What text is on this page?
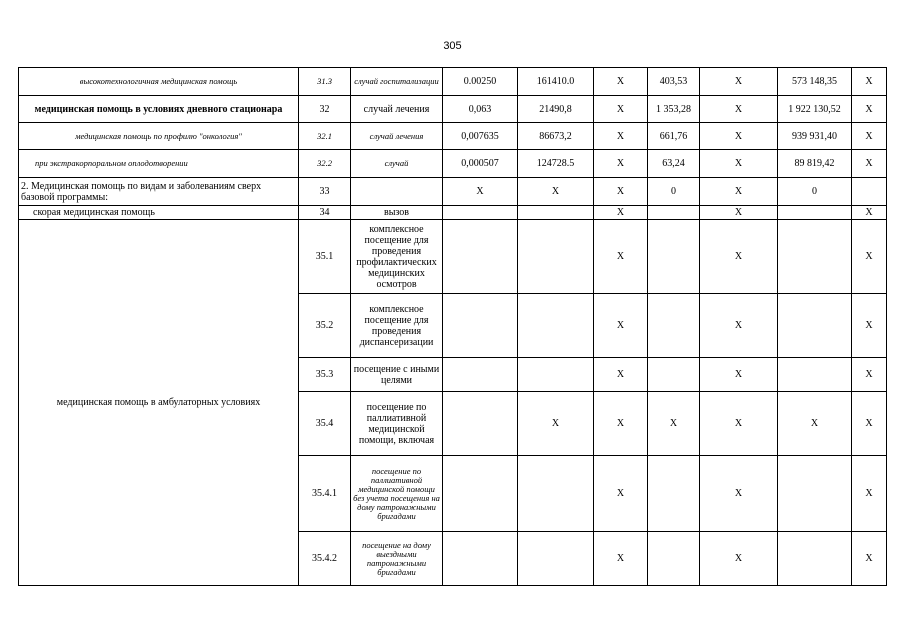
305
высокотехнологичная медицинская помощь	31.3	случай госпитализации	0.00250	161410.0	X	403,53	X	573 148,35	X
медицинская помощь в условиях дневного стационара	32	случай лечения	0,063	21490,8	X	1 353,28	X	1 922 130,52	X
медицинская помощь по профилю "онкология"	32.1	случай лечения	0,007635	86673,2	X	661,76	X	939 931,40	X
при экстракорпоральном оплодотворении	32.2	случай	0,000507	124728.5	X	63,24	X	89 819,42	X
2. Медицинская помощь по видам и заболеваниям сверх базовой программы:	33		X	X	X	0	X	0	
скорая медицинская помощь	34	вызов			X		X		X
медицинская помощь в амбулаторных условиях	35.1	комплексное посещение для проведения профилактических медицинских осмотров			X		X		X
	35.2	комплексное посещение для проведения диспансеризации			X		X		X
	35.3	посещение с иными целями			X		X		X
	35.4	посещение по паллиативной медицинской помощи, включая		X	X	X	X	X	X
	35.4.1	посещение по паллиативной медицинской помощи без учета посещения на дому патронажными бригадами			X		X		X
	35.4.2	посещение на дому выездными патронажными бригадами			X		X		X
